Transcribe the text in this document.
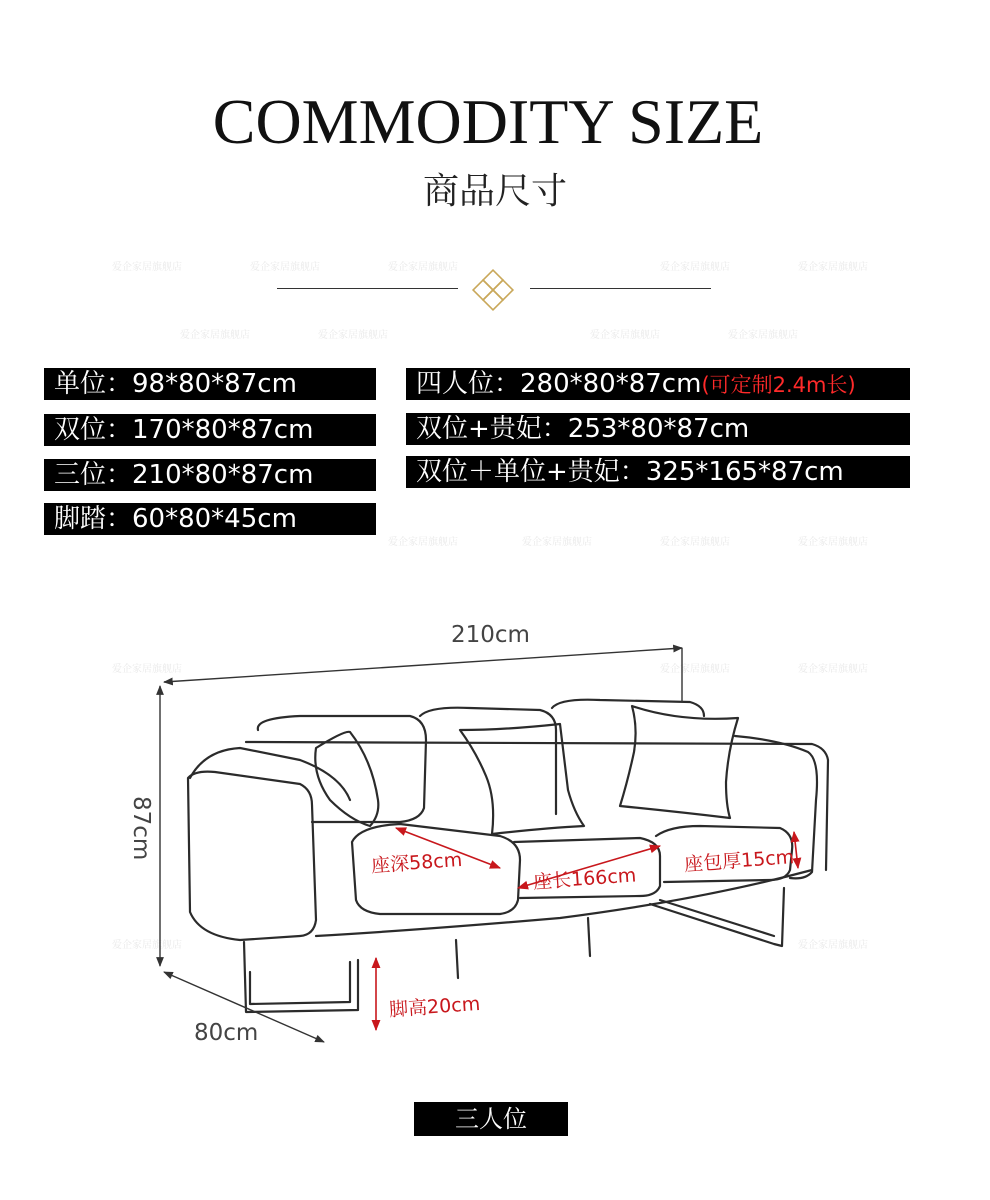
爱企家居旗舰店	爱企家居旗舰店	爱企家居旗舰店	爱企家居旗舰店	爱企家居旗舰店
爱企家居旗舰店	爱企家居旗舰店	爱企家居旗舰店	爱企家居旗舰店
爱企家居旗舰店	爱企家居旗舰店	爱企家居旗舰店	爱企家居旗舰店
爱企家居旗舰店	爱企家居旗舰店	爱企家居旗舰店
爱企家居旗舰店	爱企家居旗舰店
COMMODITY SIZE
商品尺寸
单位：98*80*87cm
双位：170*80*87cm
三位：210*80*87cm
脚踏：60*80*45cm
四人位：280*80*87cm(可定制2.4m长)
双位+贵妃：253*80*87cm
双位＋单位+贵妃：325*165*87cm
210cm
87cm
80cm
座深58cm
座长166cm
座包厚15cm
脚高20cm
三人位
